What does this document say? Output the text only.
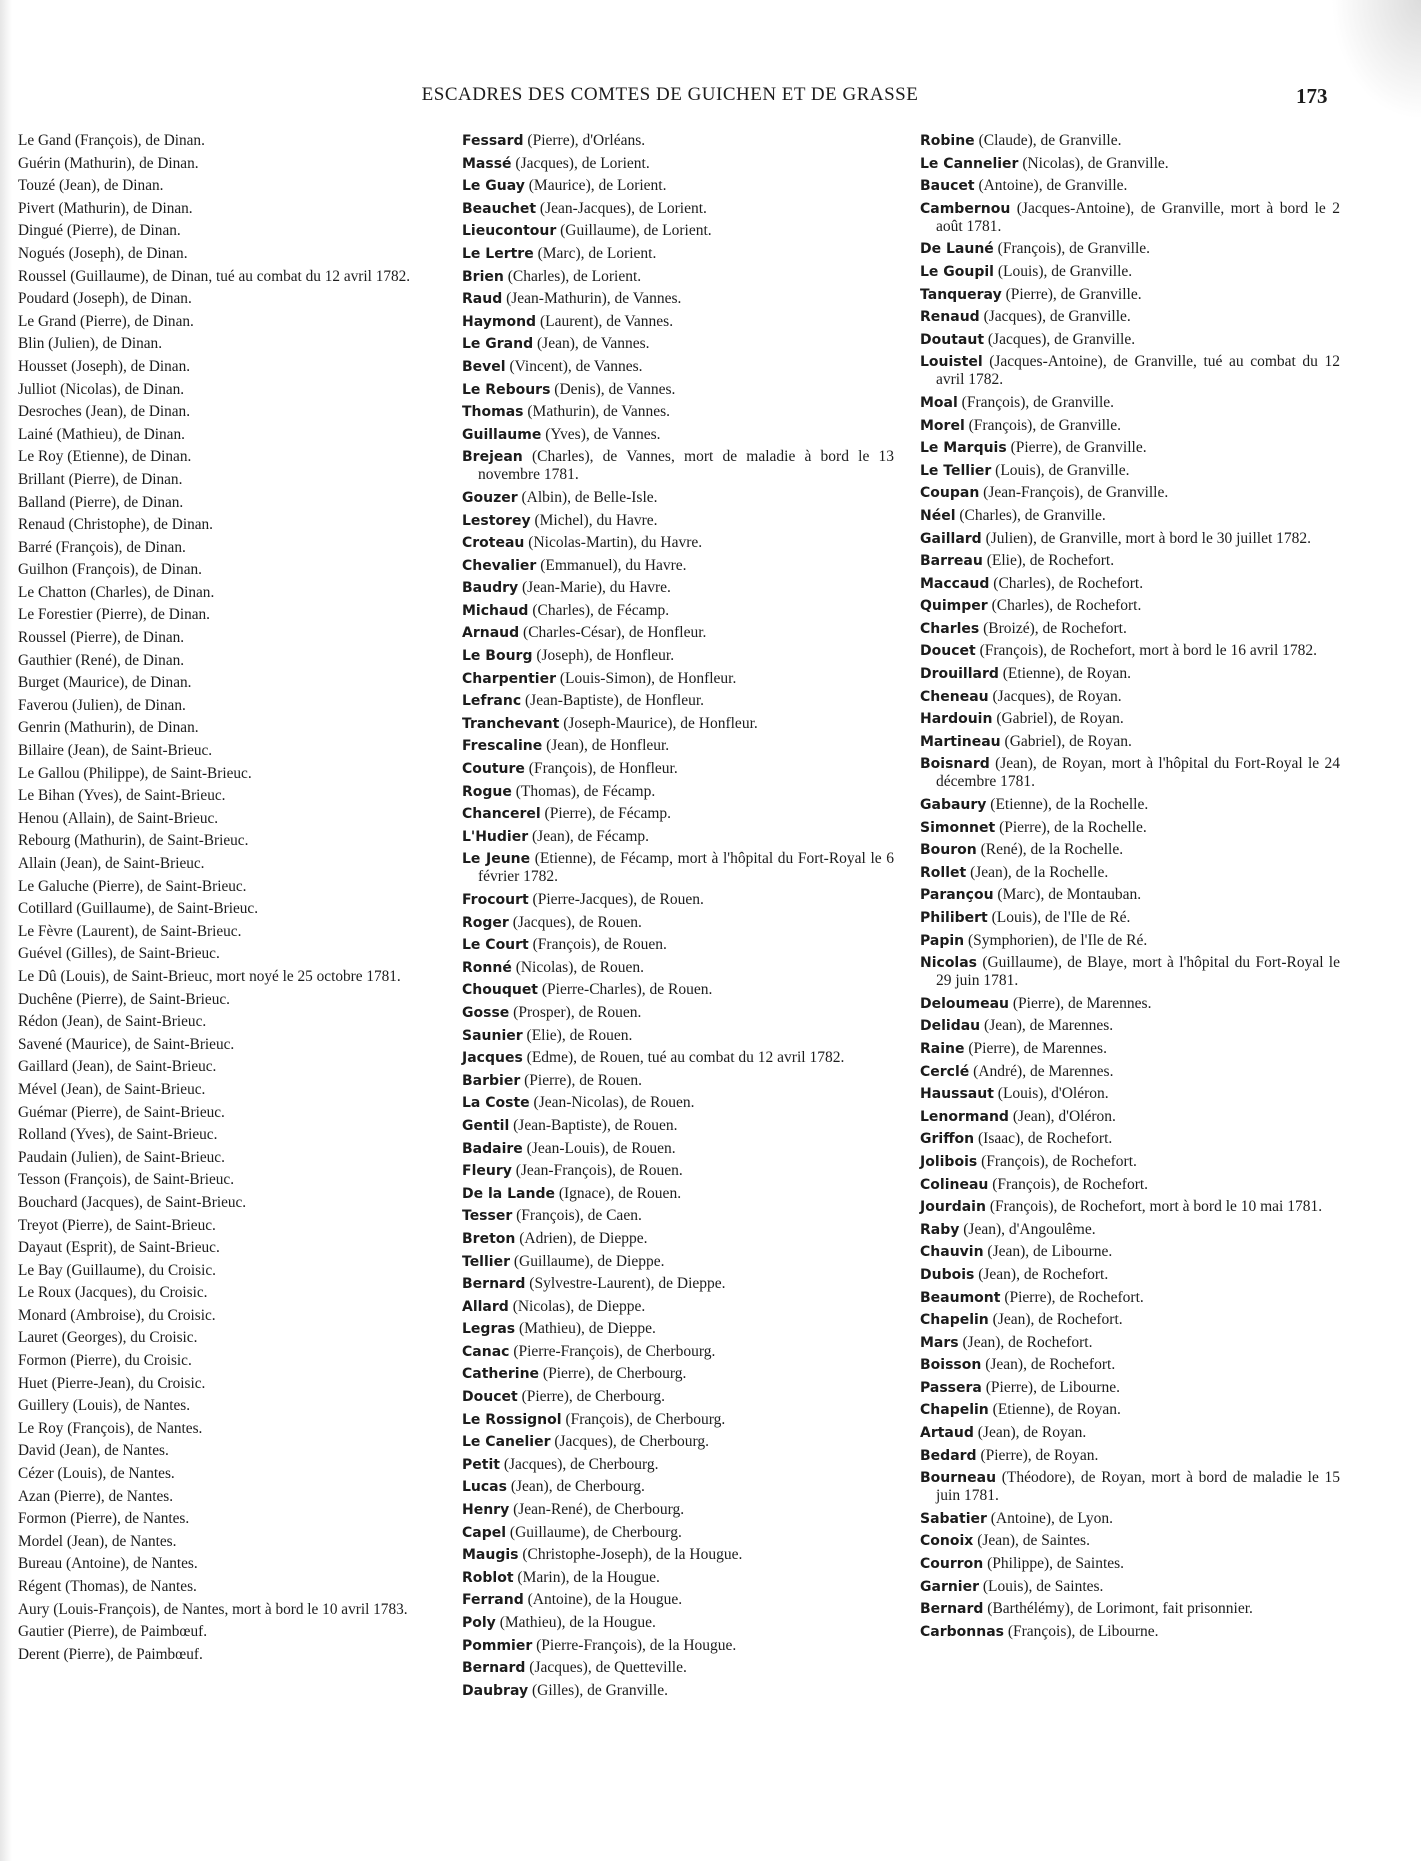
ESCADRES DES COMTES DE GUICHEN ET DE GRASSE	173
Le Gand (François), de Dinan.
Guérin (Mathurin), de Dinan.
Touzé (Jean), de Dinan.
Pivert (Mathurin), de Dinan.
Dingué (Pierre), de Dinan.
Nogués (Joseph), de Dinan.
Roussel (Guillaume), de Dinan, tué au combat du 12 avril 1782.
Poudard (Joseph), de Dinan.
Le Grand (Pierre), de Dinan.
Blin (Julien), de Dinan.
Housset (Joseph), de Dinan.
Julliot (Nicolas), de Dinan.
Desroches (Jean), de Dinan.
Lainé (Mathieu), de Dinan.
Le Roy (Etienne), de Dinan.
Brillant (Pierre), de Dinan.
Balland (Pierre), de Dinan.
Renaud (Christophe), de Dinan.
Barré (François), de Dinan.
Guilhon (François), de Dinan.
Le Chatton (Charles), de Dinan.
Le Forestier (Pierre), de Dinan.
Roussel (Pierre), de Dinan.
Gauthier (René), de Dinan.
Burget (Maurice), de Dinan.
Faverou (Julien), de Dinan.
Genrin (Mathurin), de Dinan.
Billaire (Jean), de Saint-Brieuc.
Le Gallou (Philippe), de Saint-Brieuc.
Le Bihan (Yves), de Saint-Brieuc.
Henou (Allain), de Saint-Brieuc.
Rebourg (Mathurin), de Saint-Brieuc.
Allain (Jean), de Saint-Brieuc.
Le Galuche (Pierre), de Saint-Brieuc.
Cotillard (Guillaume), de Saint-Brieuc.
Le Fèvre (Laurent), de Saint-Brieuc.
Guével (Gilles), de Saint-Brieuc.
Le Dû (Louis), de Saint-Brieuc, mort noyé le 25 octobre 1781.
Duchêne (Pierre), de Saint-Brieuc.
Rédon (Jean), de Saint-Brieuc.
Savené (Maurice), de Saint-Brieuc.
Gaillard (Jean), de Saint-Brieuc.
Mével (Jean), de Saint-Brieuc.
Guémar (Pierre), de Saint-Brieuc.
Rolland (Yves), de Saint-Brieuc.
Paudain (Julien), de Saint-Brieuc.
Tesson (François), de Saint-Brieuc.
Bouchard (Jacques), de Saint-Brieuc.
Treyot (Pierre), de Saint-Brieuc.
Dayaut (Esprit), de Saint-Brieuc.
Le Bay (Guillaume), du Croisic.
Le Roux (Jacques), du Croisic.
Monard (Ambroise), du Croisic.
Lauret (Georges), du Croisic.
Formon (Pierre), du Croisic.
Huet (Pierre-Jean), du Croisic.
Guillery (Louis), de Nantes.
Le Roy (François), de Nantes.
David (Jean), de Nantes.
Cézer (Louis), de Nantes.
Azan (Pierre), de Nantes.
Formon (Pierre), de Nantes.
Mordel (Jean), de Nantes.
Bureau (Antoine), de Nantes.
Régent (Thomas), de Nantes.
Aury (Louis-François), de Nantes, mort à bord le 10 avril 1783.
Gautier (Pierre), de Paimbœuf.
Derent (Pierre), de Paimbœuf.
Fessard (Pierre), d'Orléans.
Massé (Jacques), de Lorient.
Le Guay (Maurice), de Lorient.
Beauchet (Jean-Jacques), de Lorient.
Lieucontour (Guillaume), de Lorient.
Le Lertre (Marc), de Lorient.
Brien (Charles), de Lorient.
Raud (Jean-Mathurin), de Vannes.
Haymond (Laurent), de Vannes.
Le Grand (Jean), de Vannes.
Bevel (Vincent), de Vannes.
Le Rebours (Denis), de Vannes.
Thomas (Mathurin), de Vannes.
Guillaume (Yves), de Vannes.
Brejean (Charles), de Vannes, mort de maladie à bord le 13 novembre 1781.
Gouzer (Albin), de Belle-Isle.
Lestorey (Michel), du Havre.
Croteau (Nicolas-Martin), du Havre.
Chevalier (Emmanuel), du Havre.
Baudry (Jean-Marie), du Havre.
Michaud (Charles), de Fécamp.
Arnaud (Charles-César), de Honfleur.
Le Bourg (Joseph), de Honfleur.
Charpentier (Louis-Simon), de Honfleur.
Lefranc (Jean-Baptiste), de Honfleur.
Tranchevant (Joseph-Maurice), de Honfleur.
Frescaline (Jean), de Honfleur.
Couture (François), de Honfleur.
Rogue (Thomas), de Fécamp.
Chancerel (Pierre), de Fécamp.
L'Hudier (Jean), de Fécamp.
Le Jeune (Etienne), de Fécamp, mort à l'hôpital du Fort-Royal le 6 février 1782.
Frocourt (Pierre-Jacques), de Rouen.
Roger (Jacques), de Rouen.
Le Court (François), de Rouen.
Ronné (Nicolas), de Rouen.
Chouquet (Pierre-Charles), de Rouen.
Gosse (Prosper), de Rouen.
Saunier (Elie), de Rouen.
Jacques (Edme), de Rouen, tué au combat du 12 avril 1782.
Barbier (Pierre), de Rouen.
La Coste (Jean-Nicolas), de Rouen.
Gentil (Jean-Baptiste), de Rouen.
Badaire (Jean-Louis), de Rouen.
Fleury (Jean-François), de Rouen.
De la Lande (Ignace), de Rouen.
Tesser (François), de Caen.
Breton (Adrien), de Dieppe.
Tellier (Guillaume), de Dieppe.
Bernard (Sylvestre-Laurent), de Dieppe.
Allard (Nicolas), de Dieppe.
Legras (Mathieu), de Dieppe.
Canac (Pierre-François), de Cherbourg.
Catherine (Pierre), de Cherbourg.
Doucet (Pierre), de Cherbourg.
Le Rossignol (François), de Cherbourg.
Le Canelier (Jacques), de Cherbourg.
Petit (Jacques), de Cherbourg.
Lucas (Jean), de Cherbourg.
Henry (Jean-René), de Cherbourg.
Capel (Guillaume), de Cherbourg.
Maugis (Christophe-Joseph), de la Hougue.
Roblot (Marin), de la Hougue.
Ferrand (Antoine), de la Hougue.
Poly (Mathieu), de la Hougue.
Pommier (Pierre-François), de la Hougue.
Bernard (Jacques), de Quetteville.
Daubray (Gilles), de Granville.
Robine (Claude), de Granville.
Le Cannelier (Nicolas), de Granville.
Baucet (Antoine), de Granville.
Cambernou (Jacques-Antoine), de Granville, mort à bord le 2 août 1781.
De Launé (François), de Granville.
Le Goupil (Louis), de Granville.
Tanqueray (Pierre), de Granville.
Renaud (Jacques), de Granville.
Doutaut (Jacques), de Granville.
Louistel (Jacques-Antoine), de Granville, tué au combat du 12 avril 1782.
Moal (François), de Granville.
Morel (François), de Granville.
Le Marquis (Pierre), de Granville.
Le Tellier (Louis), de Granville.
Coupan (Jean-François), de Granville.
Néel (Charles), de Granville.
Gaillard (Julien), de Granville, mort à bord le 30 juillet 1782.
Barreau (Elie), de Rochefort.
Maccaud (Charles), de Rochefort.
Quimper (Charles), de Rochefort.
Charles (Broizé), de Rochefort.
Doucet (François), de Rochefort, mort à bord le 16 avril 1782.
Drouillard (Etienne), de Royan.
Cheneau (Jacques), de Royan.
Hardouin (Gabriel), de Royan.
Martineau (Gabriel), de Royan.
Boisnard (Jean), de Royan, mort à l'hôpital du Fort-Royal le 24 décembre 1781.
Gabaury (Etienne), de la Rochelle.
Simonnet (Pierre), de la Rochelle.
Bouron (René), de la Rochelle.
Rollet (Jean), de la Rochelle.
Parançou (Marc), de Montauban.
Philibert (Louis), de l'Ile de Ré.
Papin (Symphorien), de l'Ile de Ré.
Nicolas (Guillaume), de Blaye, mort à l'hôpital du Fort-Royal le 29 juin 1781.
Deloumeau (Pierre), de Marennes.
Delidau (Jean), de Marennes.
Raine (Pierre), de Marennes.
Cerclé (André), de Marennes.
Haussaut (Louis), d'Oléron.
Lenormand (Jean), d'Oléron.
Griffon (Isaac), de Rochefort.
Jolibois (François), de Rochefort.
Colineau (François), de Rochefort.
Jourdain (François), de Rochefort, mort à bord le 10 mai 1781.
Raby (Jean), d'Angoulême.
Chauvin (Jean), de Libourne.
Dubois (Jean), de Rochefort.
Beaumont (Pierre), de Rochefort.
Chapelin (Jean), de Rochefort.
Mars (Jean), de Rochefort.
Boisson (Jean), de Rochefort.
Passera (Pierre), de Libourne.
Chapelin (Etienne), de Royan.
Artaud (Jean), de Royan.
Bedard (Pierre), de Royan.
Bourneau (Théodore), de Royan, mort à bord de maladie le 15 juin 1781.
Sabatier (Antoine), de Lyon.
Conoix (Jean), de Saintes.
Courron (Philippe), de Saintes.
Garnier (Louis), de Saintes.
Bernard (Barthélémy), de Lorimont, fait prisonnier.
Carbonnas (François), de Libourne.
